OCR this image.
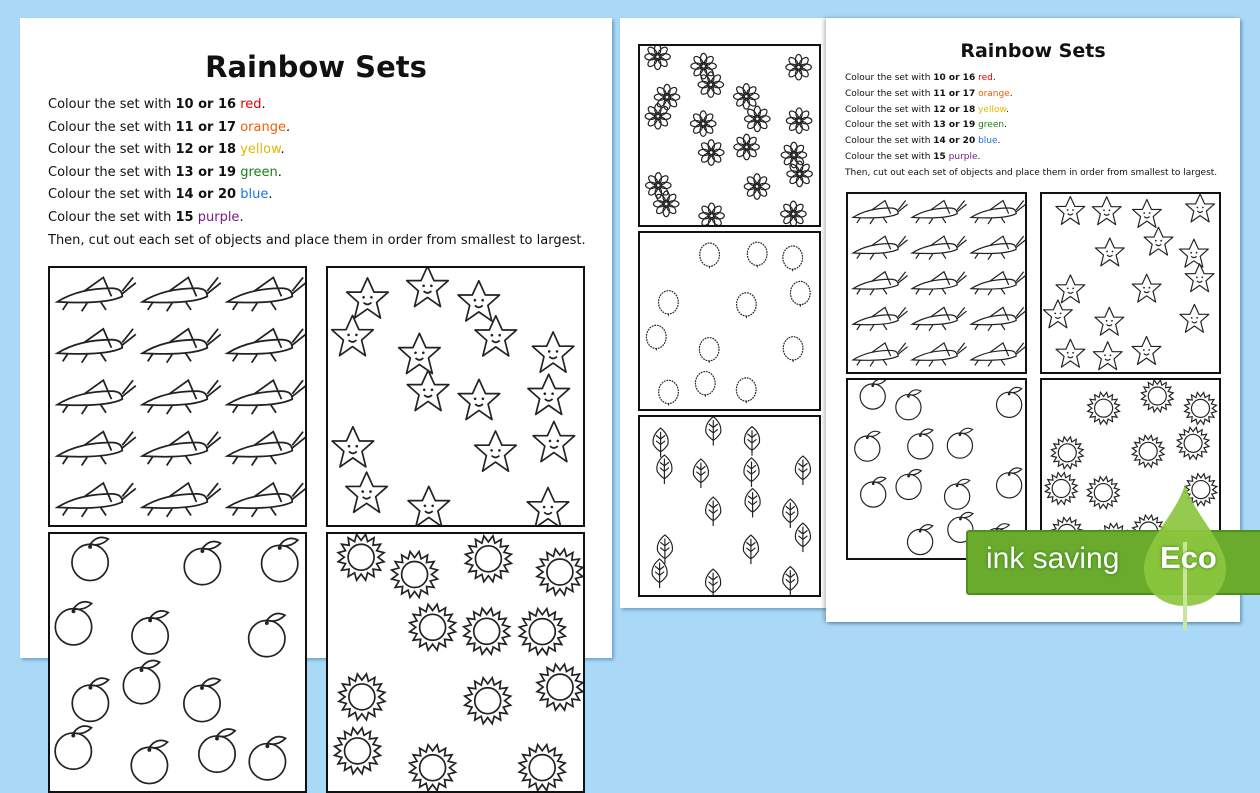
Rainbow Sets
Colour the set with 10 or 16 red.
Colour the set with 11 or 17 orange.
Colour the set with 12 or 18 yellow.
Colour the set with 13 or 19 green.
Colour the set with 14 or 20 blue.
Colour the set with 15 purple.
Then, cut out each set of objects and place them in order from smallest to largest.
Rainbow Sets
Colour the set with 10 or 16 red.
Colour the set with 11 or 17 orange.
Colour the set with 12 or 18 yellow.
Colour the set with 13 or 19 green.
Colour the set with 14 or 20 blue.
Colour the set with 15 purple.
Then, cut out each set of objects and place them in order from smallest to largest.
ink saving Eco
